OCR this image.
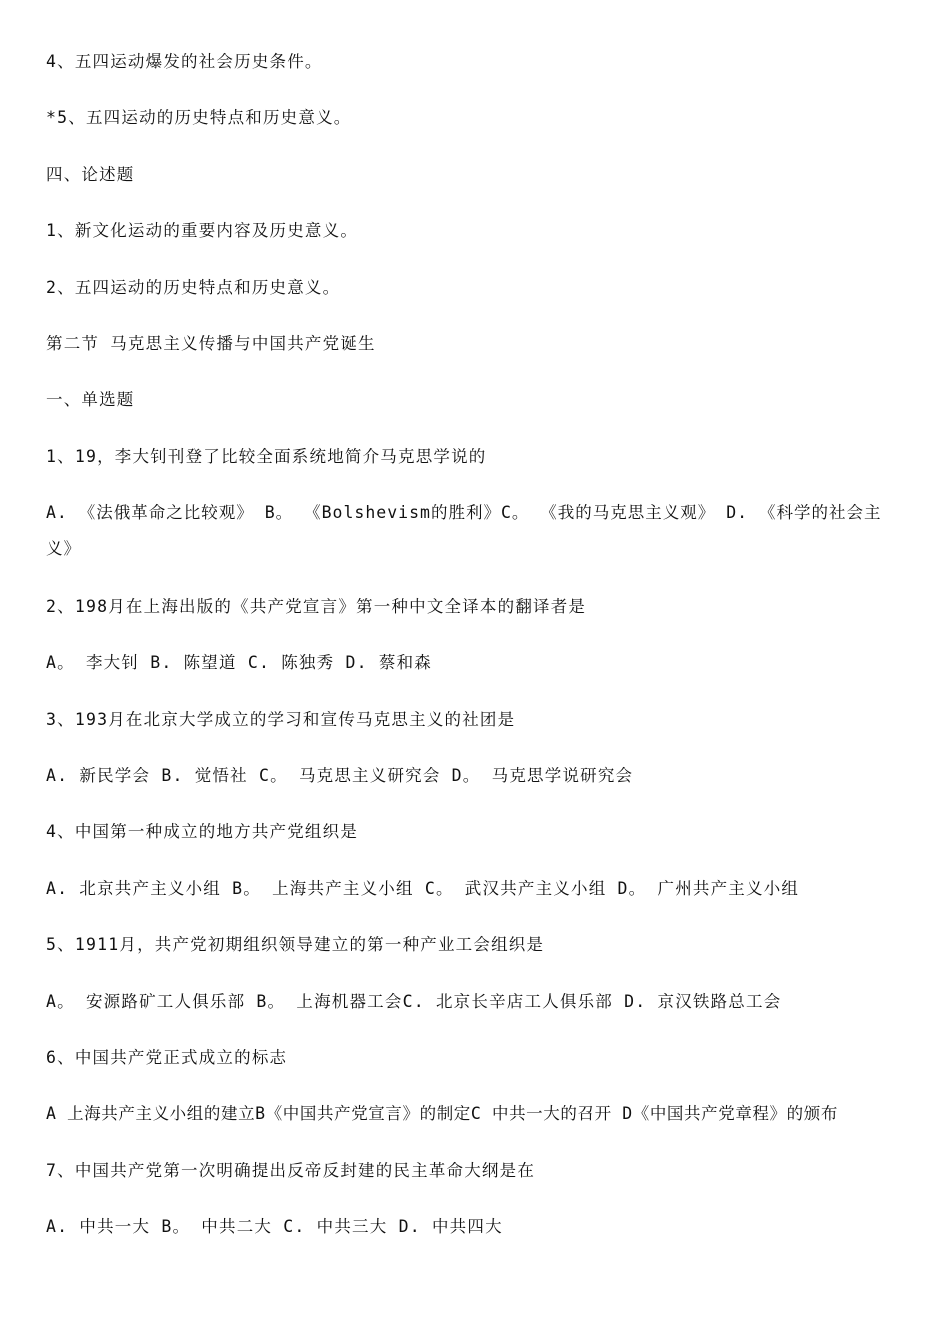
4、五四运动爆发的社会历史条件。
*5、五四运动的历史特点和历史意义。
四、论述题
1、新文化运动的重要内容及历史意义。
2、五四运动的历史特点和历史意义。
第二节 马克思主义传播与中国共产党诞生
一、单选题
1、19，李大钊刊登了比较全面系统地简介马克思学说的
A. 《法俄革命之比较观》 B。 《Bolshevism的胜利》C。 《我的马克思主义观》 D. 《科学的社会主义》
2、198月在上海出版的《共产党宣言》第一种中文全译本的翻译者是
A。 李大钊 B. 陈望道 C. 陈独秀 D. 蔡和森
3、193月在北京大学成立的学习和宣传马克思主义的社团是
A. 新民学会 B. 觉悟社 C。 马克思主义研究会 D。 马克思学说研究会
4、中国第一种成立的地方共产党组织是
A. 北京共产主义小组 B。 上海共产主义小组 C。 武汉共产主义小组 D。 广州共产主义小组
5、1911月，共产党初期组织领导建立的第一种产业工会组织是
A。 安源路矿工人俱乐部 B。 上海机器工会C. 北京长辛店工人俱乐部 D. 京汉铁路总工会
6、中国共产党正式成立的标志
A 上海共产主义小组的建立B《中国共产党宣言》的制定C 中共一大的召开 D《中国共产党章程》的颁布
7、中国共产党第一次明确提出反帝反封建的民主革命大纲是在
A. 中共一大 B。 中共二大 C. 中共三大 D. 中共四大
